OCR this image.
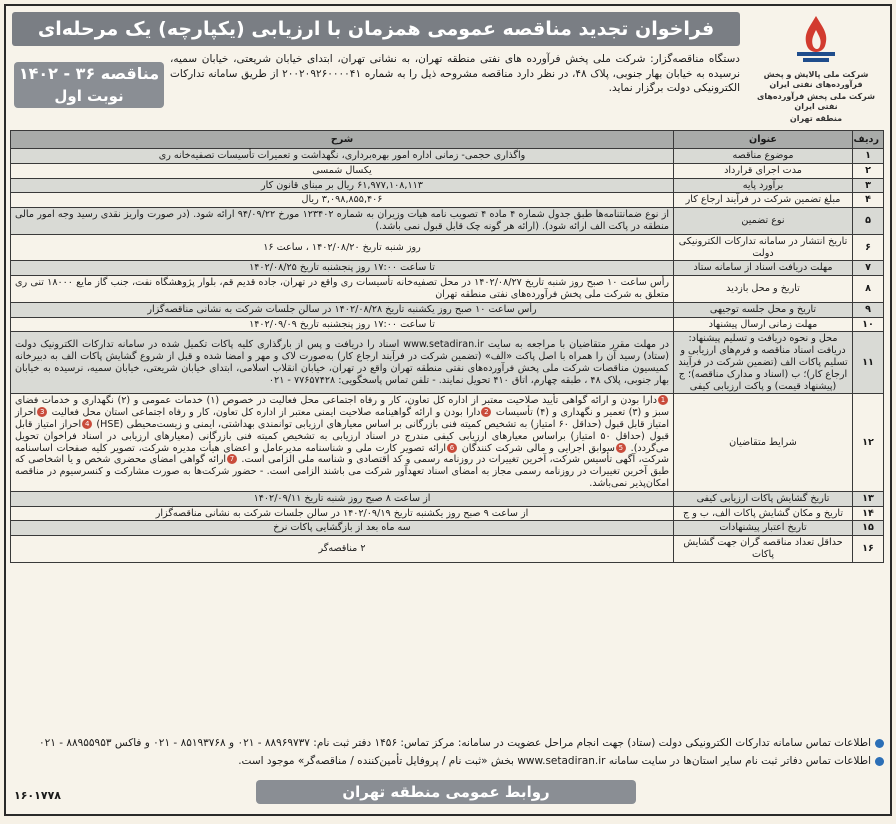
شرکت ملی پالایش و پخش فرآورده‌های نفتی ایران
شرکت ملی پخش فرآورده‌های نفتی ایران
منطقه تهران
فراخوان تجدید مناقصه عمومی همزمان با ارزیابی (یکپارچه) یک مرحله‌ای
مناقصه ۳۶ - ۱۴۰۲
نوبت اول
دستگاه مناقصه‌گزار: شرکت ملی پخش فرآورده های نفتی منطقه تهران، به نشانی تهران، ابتدای خیابان شریعتی، خیابان سمیه، نرسیده به خیابان بهار جنوبی، پلاک ۴۸، در نظر دارد مناقصه مشروحه ذیل را به شماره ۲۰۰۲۰۹۲۶۰۰۰۰۴۱ از طریق سامانه تدارکات الکترونیکی دولت برگزار نماید.
ردیف	عنوان	شرح
۱	موضوع مناقصه	واگذاری حجمی- زمانی اداره امور بهره‌برداری، نگهداشت و تعمیرات تأسیسات تصفیه‌خانه ری
۲	مدت اجرای قرارداد	یکسال شمسی
۳	برآورد پایه	۶۱,۹۷۷,۱۰۸,۱۱۳ ریال بر مبنای قانون کار
۴	مبلغ تضمین شرکت در فرآیند ارجاع کار	۳,۰۹۸,۸۵۵,۴۰۶ ریال
۵	نوع تضمین	از نوع ضمانتنامه‌ها طبق جدول شماره ۴ ماده ۴ تصویب نامه هیات وزیران به شماره ۱۲۳۴۰۲ مورخ ۹۴/۰۹/۲۲ ارائه شود. (در صورت واریز نقدی رسید وجه امور مالی منطقه در پاکت الف ارائه شود). (ارائه هر گونه چک قابل قبول نمی باشد.)
۶	تاریخ انتشار در سامانه تدارکات الکترونیکی دولت	روز شنبه تاریخ ۱۴۰۲/۰۸/۲۰ ، ساعت ۱۶
۷	مهلت دریافت اسناد از سامانه ستاد	تا ساعت ۱۷:۰۰ روز پنجشنبه تاریخ ۱۴۰۲/۰۸/۲۵
۸	تاریخ و محل بازدید	رأس ساعت ۱۰ صبح روز شنبه تاریخ ۱۴۰۲/۰۸/۲۷ در محل تصفیه‌خانه تأسیسات ری واقع در تهران، جاده قدیم قم، بلوار پژوهشگاه نفت، جنب گاز مایع ۱۸۰۰۰ تنی ری متعلق به شرکت ملی پخش فرآورده‌های نفتی منطقه تهران
۹	تاریخ و محل جلسه توجیهی	رأس ساعت ۱۰ صبح روز یکشنبه تاریخ ۱۴۰۲/۰۸/۲۸ در سالن جلسات شرکت به نشانی مناقصه‌گزار
۱۰	مهلت زمانی ارسال پیشنهاد	تا ساعت ۱۷:۰۰ روز پنجشنبه تاریخ ۱۴۰۲/۰۹/۰۹
۱۱	محل و نحوه دریافت و تسلیم پیشنهاد: دریافت اسناد مناقصه و فرم‌های ارزیابی و تسلیم پاکات الف (تضمین شرکت در فرآیند ارجاع کار)؛ ب (اسناد و مدارک مناقصه)؛ ج (پیشنهاد قیمت) و پاکت ارزیابی کیفی	در مهلت مقرر متقاضیان با مراجعه به سایت www.setadiran.ir اسناد را دریافت و پس از بارگذاری کلیه پاکات تکمیل شده در سامانه تدارکات الکترونیک دولت (ستاد) رسید آن را همراه با اصل پاکت «الف» (تضمین شرکت در فرآیند ارجاع کار) به‌صورت لاک و مهر و امضا شده و قبل از شروع گشایش پاکات الف به دبیرخانه کمیسیون مناقصات شرکت ملی پخش فرآورده‌های نفتی منطقه تهران واقع در تهران، خیابان انقلاب اسلامی، ابتدای خیابان شریعتی، خیابان سمیه، نرسیده به خیابان بهار جنوبی، پلاک ۴۸ ، طبقه چهارم، اتاق ۴۱۰ تحویل نمایند. - تلفن تماس پاسخگویی: ۷۷۶۵۷۴۲۸ - ۰۲۱
۱۲	شرایط متقاضیان	1دارا بودن و ارائه گواهی تأیید صلاحیت معتبر از اداره کل تعاون، کار و رفاه اجتماعی محل فعالیت در خصوص (۱) خدمات عمومی و (۲) نگهداری و خدمات فضای سبز و (۳) تعمیر و نگهداری و (۴) تأسیسات 2دارا بودن و ارائه گواهینامه صلاحیت ایمنی معتبر از اداره کل تعاون، کار و رفاه اجتماعی استان محل فعالیت 3احراز امتیاز قابل قبول (حداقل ۶۰ امتیاز) به تشخیص کمیته فنی بازرگانی بر اساس معیارهای ارزیابی توانمندی بهداشتی، ایمنی و زیست‌محیطی (HSE) 4احراز امتیاز قابل قبول (حداقل ۵۰ امتیاز) براساس معیارهای ارزیابی کیفی مندرج در اسناد ارزیابی به تشخیص کمیته فنی بازرگانی (معیارهای ارزیابی در اسناد فراخوان تحویل می‌گردد). 5سوابق اجرایی و مالی شرکت کنندگان 6ارائه تصویر کارت ملی و شناسنامه مدیرعامل و اعضای هیأت مدیره شرکت، تصویر کلیه صفحات اساسنامه شرکت، آگهی تأسیس شرکت، آخرین تغییرات در روزنامه رسمی و کد اقتصادی و شناسه ملی الزامی است. 7ارائه گواهی امضای محضری شخص و یا اشخاصی که طبق آخرین تغییرات در روزنامه رسمی مجاز به امضای اسناد تعهدآور شرکت می باشند الزامی است. - حضور شرکت‌ها به صورت مشارکت و کنسرسیوم در مناقصه امکان‌پذیر نمی‌باشد.

۱۳	تاریخ گشایش پاکات ارزیابی کیفی	از ساعت ۸ صبح روز شنبه تاریخ ۱۴۰۲/۰۹/۱۱
۱۴	تاریخ و مکان گشایش پاکات الف، ب و ج	از ساعت ۹ صبح روز یکشنبه تاریخ ۱۴۰۲/۰۹/۱۹ در سالن جلسات شرکت به نشانی مناقصه‌گزار
۱۵	تاریخ اعتبار پیشنهادات	سه ماه بعد از بازگشایی پاکات نرخ
۱۶	حداقل تعداد مناقصه گران جهت گشایش پاکات	۲ مناقصه‌گر
اطلاعات تماس سامانه تدارکات الکترونیکی دولت (ستاد) جهت انجام مراحل عضویت در سامانه: مرکز تماس: ۱۴۵۶ دفتر ثبت نام: ۸۸۹۶۹۷۳۷ - ۰۲۱ و ۸۵۱۹۳۷۶۸ - ۰۲۱ و فاکس ۸۸۹۵۵۹۵۳ - ۰۲۱
اطلاعات تماس دفاتر ثبت نام سایر استان‌ها در سایت سامانه www.setadiran.ir بخش «ثبت نام / پروفایل تأمین‌کننده / مناقصه‌گر» موجود است.
روابط عمومی منطقه تهران
۱۶۰۱۷۷۸
